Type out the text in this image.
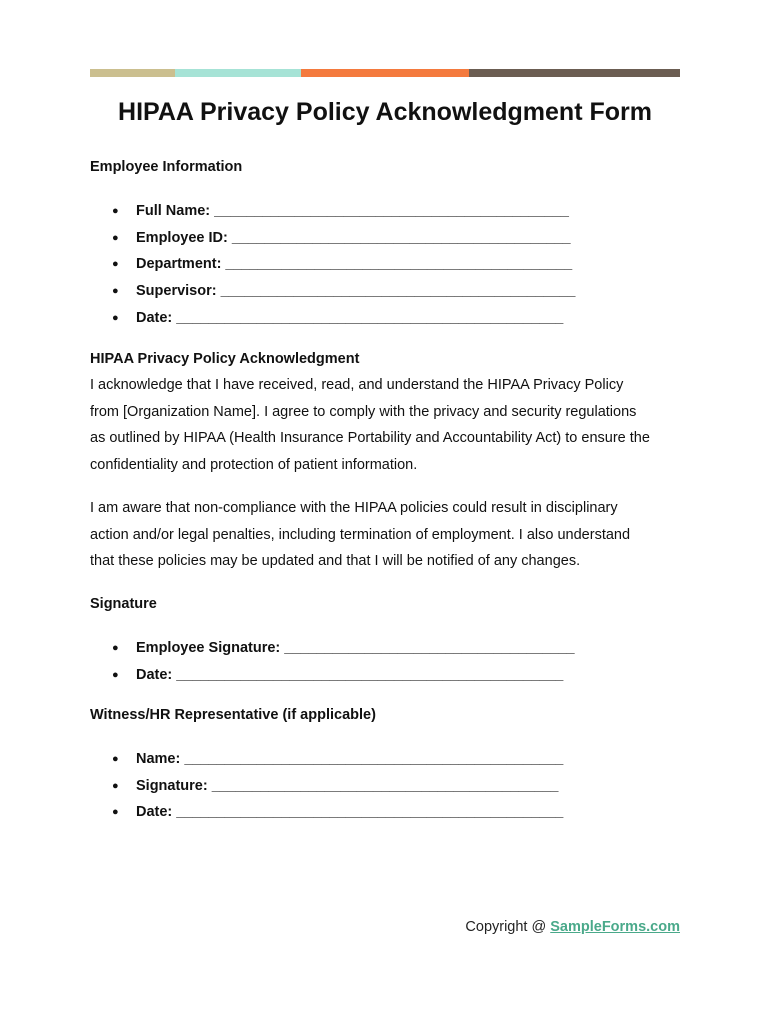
HIPAA Privacy Policy Acknowledgment Form
Employee Information
● Full Name: ____________________________________________
● Employee ID: __________________________________________
● Department: ___________________________________________
● Supervisor: ____________________________________________
● Date: ________________________________________________
HIPAA Privacy Policy Acknowledgment
I acknowledge that I have received, read, and understand the HIPAA Privacy Policy
from [Organization Name]. I agree to comply with the privacy and security regulations
as outlined by HIPAA (Health Insurance Portability and Accountability Act) to ensure the
confidentiality and protection of patient information.
I am aware that non-compliance with the HIPAA policies could result in disciplinary
action and/or legal penalties, including termination of employment. I also understand
that these policies may be updated and that I will be notified of any changes.
Signature
● Employee Signature: ____________________________________
● Date: ________________________________________________
Witness/HR Representative (if applicable)
● Name: _______________________________________________
● Signature: ___________________________________________
● Date: ________________________________________________
Copyright @ SampleForms.com
